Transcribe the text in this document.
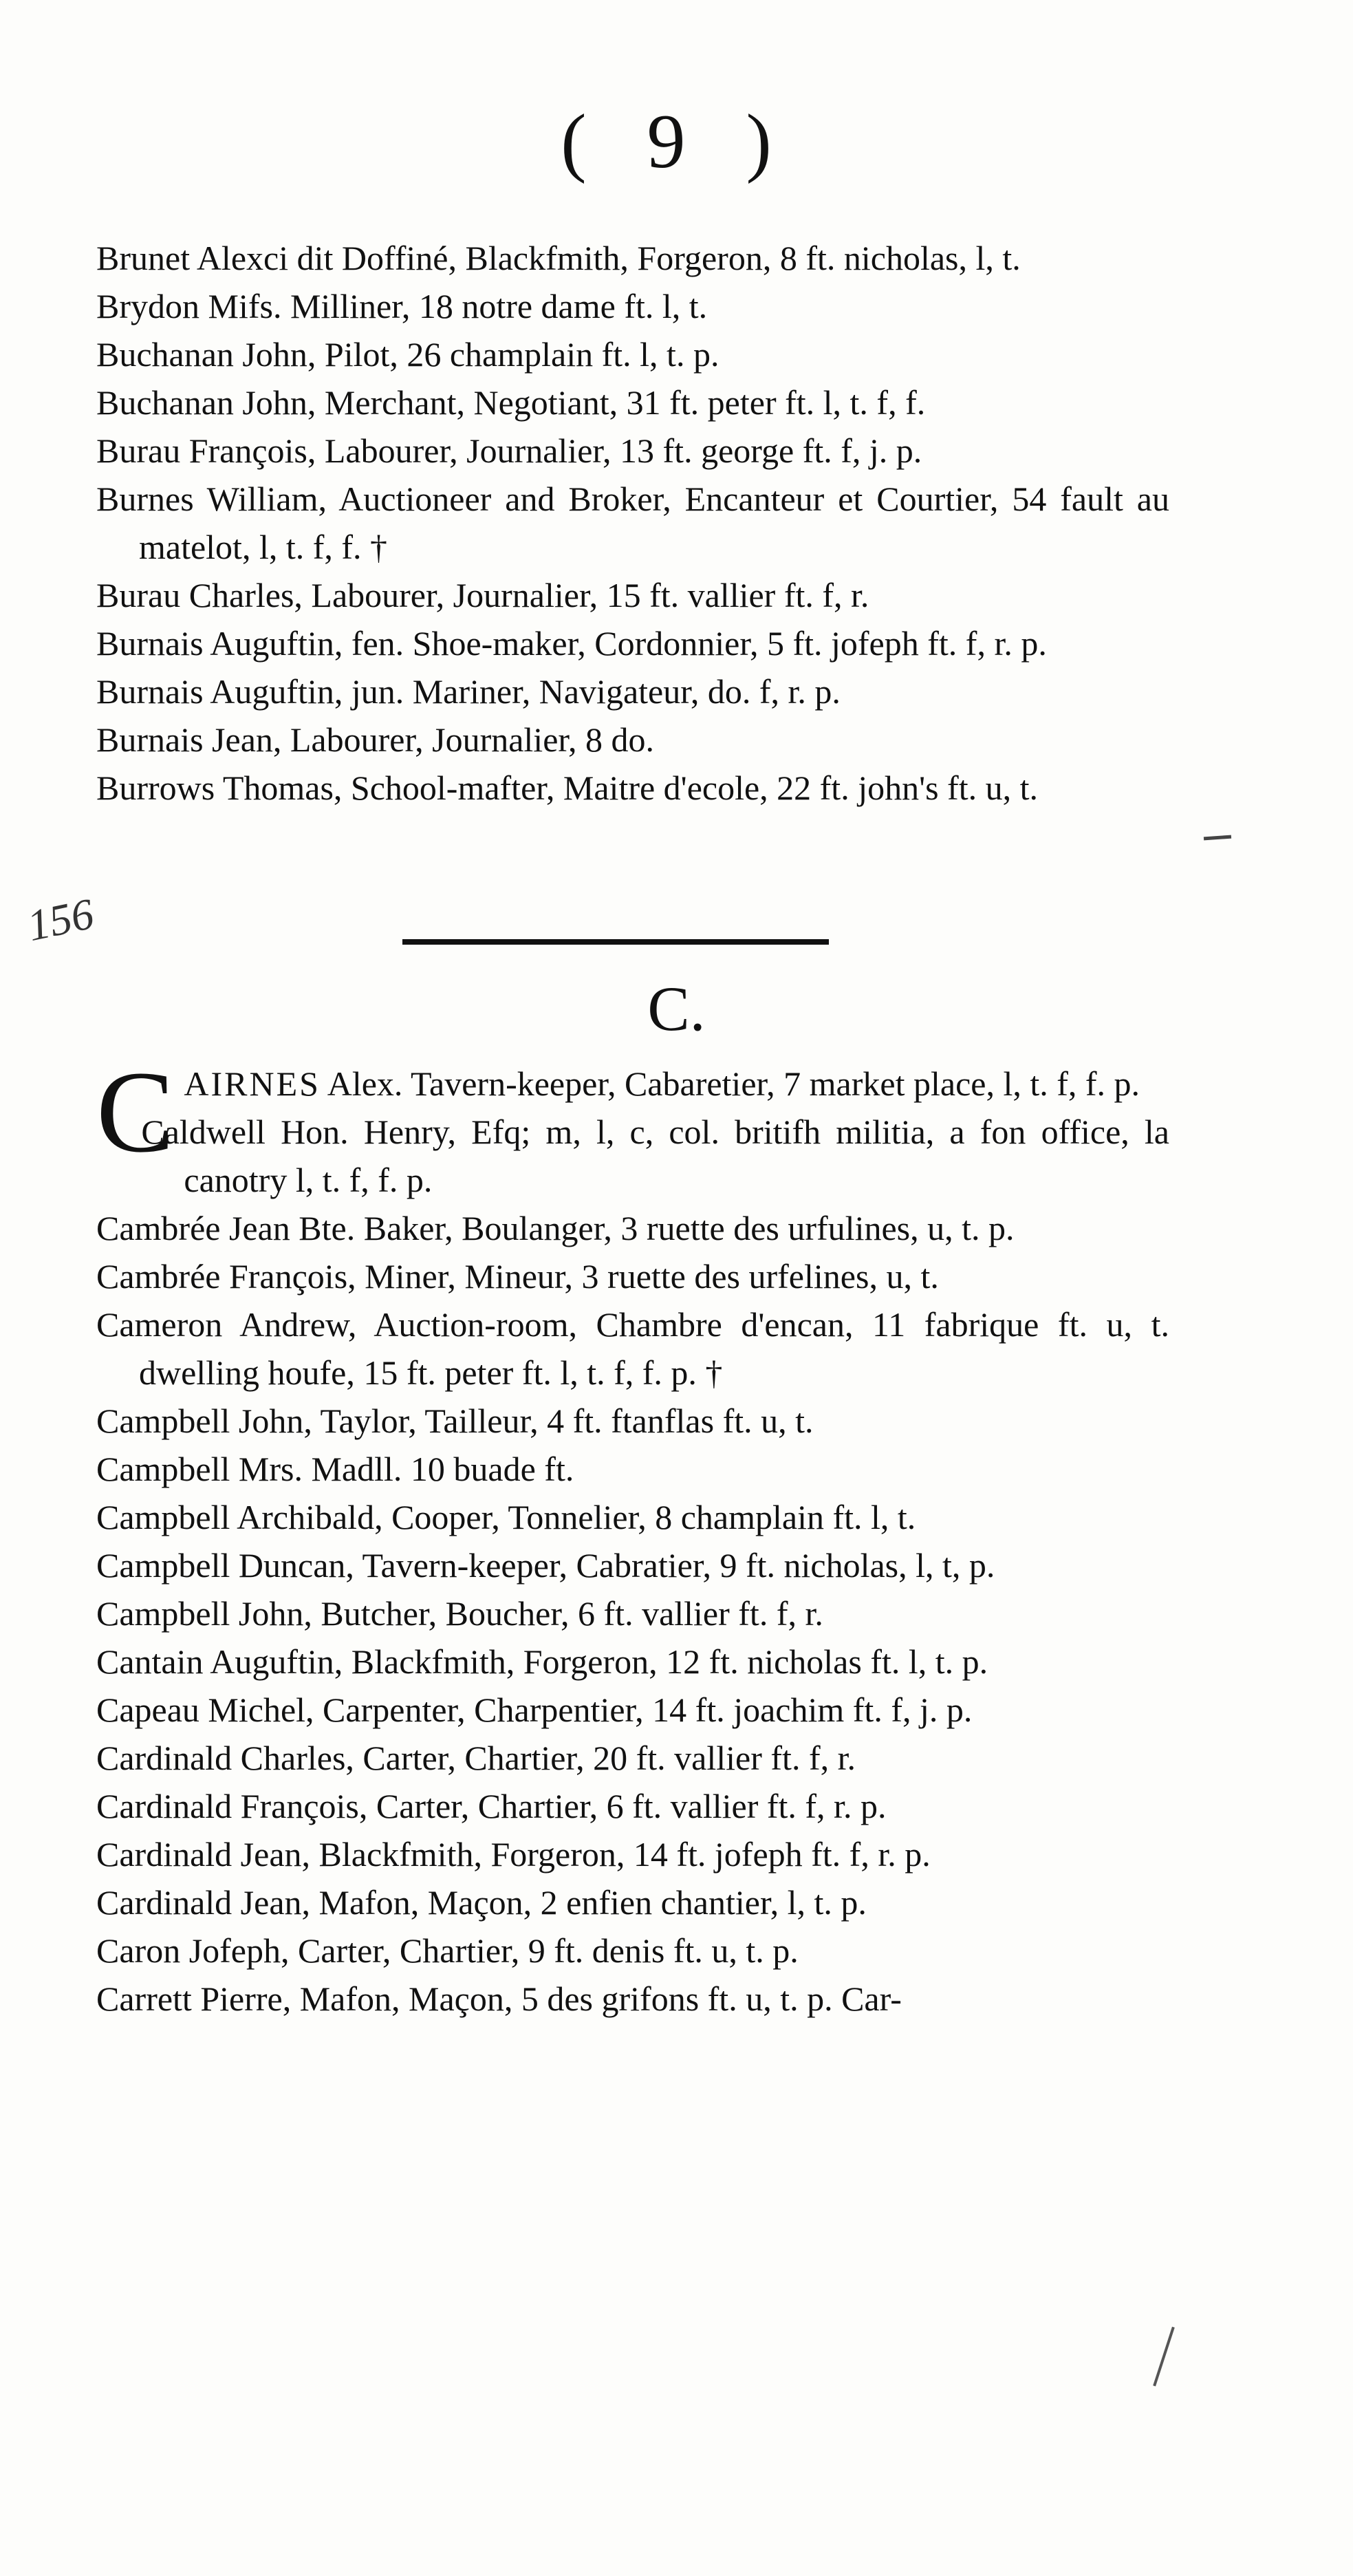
( 9 )

Brunet Alexci dit Doffiné, Blackfmith, Forgeron, 8 ft. nicholas, l, t.

Brydon Mifs. Milliner, 18 notre dame ft. l, t.

Buchanan John, Pilot, 26 champlain ft. l, t. p.

Buchanan John, Merchant, Negotiant, 31 ft. peter ft. l, t. f, f.

Burau François, Labourer, Journalier, 13 ft. george ft. f, j. p.

Burnes William, Auctioneer and Broker, Encanteur et Courtier, 54 fault au matelot, l, t. f, f. †

Burau Charles, Labourer, Journalier, 15 ft. vallier ft. f, r.

Burnais Auguftin, fen. Shoe-maker, Cordonnier, 5 ft. jofeph ft. f, r. p.

Burnais Auguftin, jun. Mariner, Navigateur, do. f, r. p.

Burnais Jean, Labourer, Journalier, 8 do.

Burrows Thomas, School-mafter, Maitre d'ecole, 22 ft. john's ft. u, t.

156
C.

CAIRNES Alex. Tavern-keeper, Cabaretier, 7 market place, l, t. f, f. p.

Caldwell Hon. Henry, Efq; m, l, c, col. britifh militia, a fon office, la canotry l, t. f, f. p.

Cambrée Jean Bte. Baker, Boulanger, 3 ruette des urfulines, u, t. p.

Cambrée François, Miner, Mineur, 3 ruette des urfelines, u, t.

Cameron Andrew, Auction-room, Chambre d'encan, 11 fabrique ft. u, t. dwelling houfe, 15 ft. peter ft. l, t. f, f. p. †

Campbell John, Taylor, Tailleur, 4 ft. ftanflas ft. u, t.

Campbell Mrs. Madll. 10 buade ft.

Campbell Archibald, Cooper, Tonnelier, 8 champlain ft. l, t.

Campbell Duncan, Tavern-keeper, Cabratier, 9 ft. nicholas, l, t, p.

Campbell John, Butcher, Boucher, 6 ft. vallier ft. f, r.

Cantain Auguftin, Blackfmith, Forgeron, 12 ft. nicholas ft. l, t. p.

Capeau Michel, Carpenter, Charpentier, 14 ft. joachim ft. f, j. p.

Cardinald Charles, Carter, Chartier, 20 ft. vallier ft. f, r.

Cardinald François, Carter, Chartier, 6 ft. vallier ft. f, r. p.

Cardinald Jean, Blackfmith, Forgeron, 14 ft. jofeph ft. f, r. p.

Cardinald Jean, Mafon, Maçon, 2 enfien chantier, l, t. p.

Caron Jofeph, Carter, Chartier, 9 ft. denis ft. u, t. p.

Carrett Pierre, Mafon, Maçon, 5 des grifons ft. u, t. p. Car-
